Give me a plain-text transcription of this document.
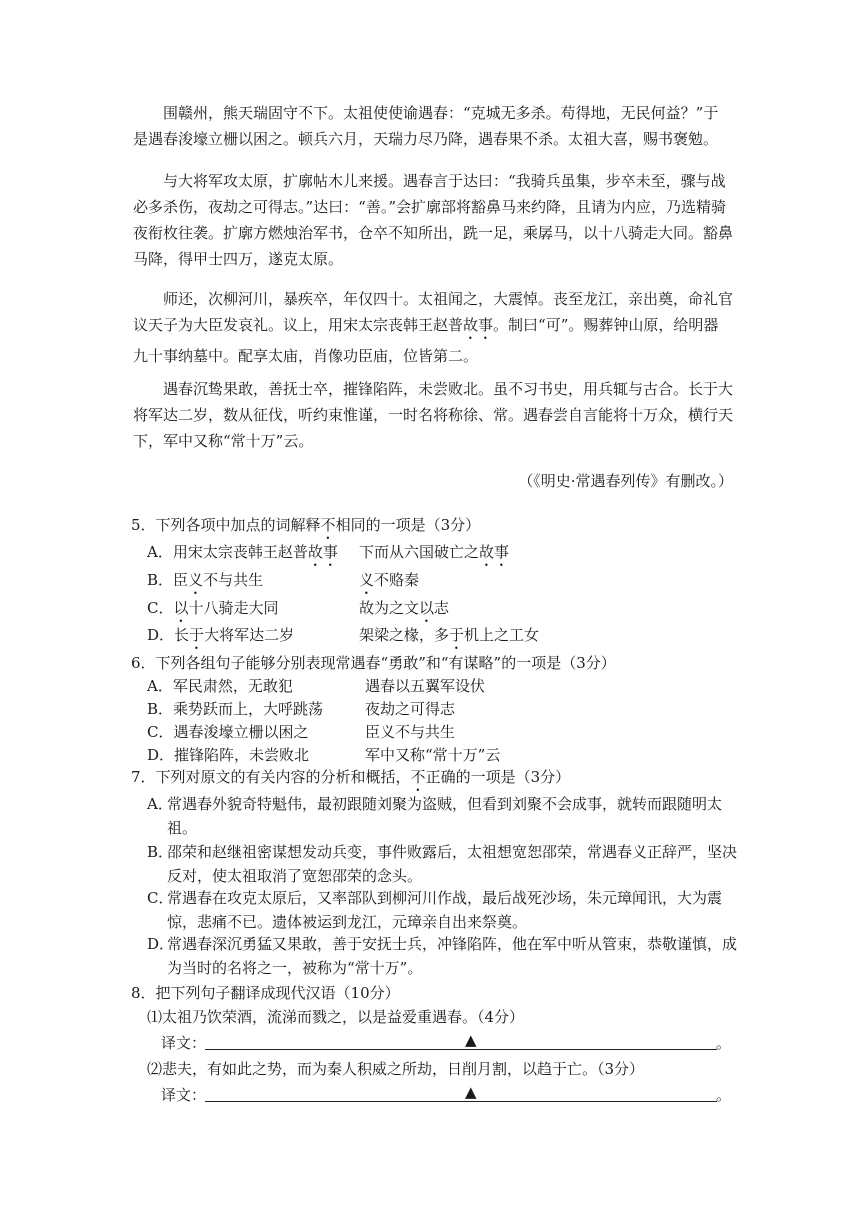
围赣州，熊天瑞固守不下。太祖使使谕遇春：“克城无多杀。苟得地，无民何益？”于是遇春浚壕立栅以困之。顿兵六月，天瑞力尽乃降，遇春果不杀。太祖大喜，赐书褒勉。

与大将军攻太原，扩廓帖木儿来援。遇春言于达曰：“我骑兵虽集，步卒未至，骤与战必多杀伤，夜劫之可得志。”达曰：“善。”会扩廓部将豁鼻马来约降，且请为内应，乃选精骑夜衔枚往袭。扩廓方燃烛治军书，仓卒不知所出，跣一足，乘孱马，以十八骑走大同。豁鼻马降，得甲士四万，遂克太原。

师还，次柳河川，暴疾卒，年仅四十。太祖闻之，大震悼。丧至龙江，亲出奠，命礼官议天子为大臣发哀礼。议上，用宋太宗丧韩王赵普故事。制曰“可”。赐葬钟山原，给明器九十事纳墓中。配享太庙，肖像功臣庙，位皆第二。

遇春沉鸷果敢，善抚士卒，摧锋陷阵，未尝败北。虽不习书史，用兵辄与古合。长于大将军达二岁，数从征伐，听约束惟谨，一时名将称徐、常。遇春尝自言能将十万众，横行天下，军中又称“常十万”云。

（《明史·常遇春列传》有删改。）
5．下列各项中加点的词解释不相同的一项是（3分）
A．用宋太宗丧韩王赵普故事 下而从六国破亡之故事
B．臣义不与共生	义不赂秦
C．以十八骑走大同	故为之文以志
D．长于大将军达二岁	架梁之椽，多于机上之工女
6．下列各组句子能够分别表现常遇春“勇敢”和“有谋略”的一项是（3分）
A．军民肃然，无敢犯	遇春以五翼军设伏
B．乘势跃而上，大呼跳荡	夜劫之可得志
C．遇春浚壕立栅以困之	臣义不与共生
D．摧锋陷阵，未尝败北	军中又称“常十万”云
7．下列对原文的有关内容的分析和概括，不正确的一项是（3分）
A．
常遇春外貌奇特魁伟，最初跟随刘聚为盗贼，但看到刘聚不会成事，就转而跟随明太祖。
B．
邵荣和赵继祖密谋想发动兵变，事件败露后，太祖想宽恕邵荣，常遇春义正辞严，坚决反对，使太祖取消了宽恕邵荣的念头。
C．
常遇春在攻克太原后，又率部队到柳河川作战，最后战死沙场，朱元璋闻讯，大为震惊，悲痛不已。遗体被运到龙江，元璋亲自出来祭奠。
D．
常遇春深沉勇猛又果敢，善于安抚士兵，冲锋陷阵，他在军中听从管束，恭敬谨慎，成为当时的名将之一，被称为“常十万”。
8．把下列句子翻译成现代汉语（10分）
⑴太祖乃饮荣酒，流涕而戮之，以是益爱重遇春。（4分）
译文：	▲	。
⑵悲夫，有如此之势，而为秦人积威之所劫，日削月割，以趋于亡。（3分）
译文：	▲	。
